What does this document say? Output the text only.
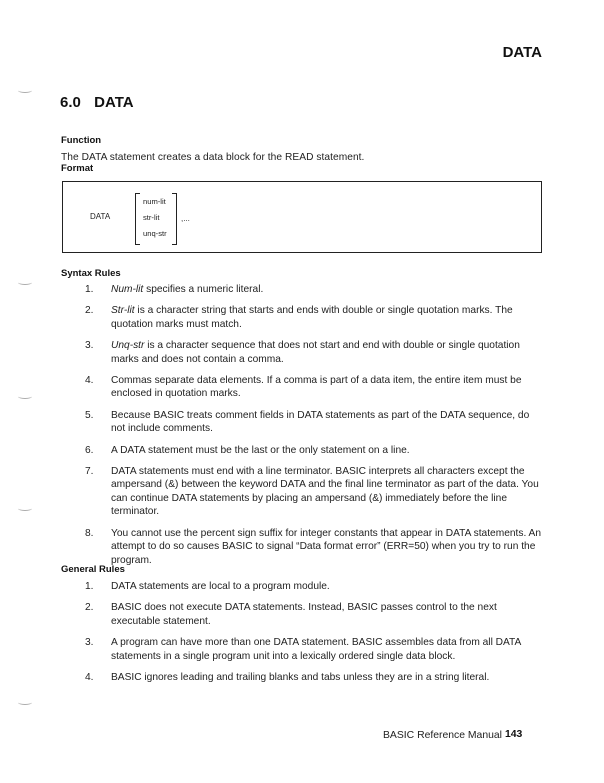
DATA
6.0 DATA
Function
The DATA statement creates a data block for the READ statement.
Format
DATA
num-lit
str-lit
unq-str
,...
Syntax Rules
1. Num-lit specifies a numeric literal.
2. Str-lit is a character string that starts and ends with double or single quotation marks. The quotation marks must match.
3. Unq-str is a character sequence that does not start and end with double or single quotation marks and does not contain a comma.
4. Commas separate data elements. If a comma is part of a data item, the entire item must be enclosed in quotation marks.
5. Because BASIC treats comment fields in DATA statements as part of the DATA sequence, do not include comments.
6. A DATA statement must be the last or the only statement on a line.
7. DATA statements must end with a line terminator. BASIC interprets all characters except the ampersand (&) between the keyword DATA and the final line terminator as part of the data. You can continue DATA statements by placing an ampersand (&) immediately before the line terminator.
8. You cannot use the percent sign suffix for integer constants that appear in DATA statements. An attempt to do so causes BASIC to signal “Data format error” (ERR=50) when you try to run the program.
General Rules
1. DATA statements are local to a program module.
2. BASIC does not execute DATA statements. Instead, BASIC passes control to the next executable statement.
3. A program can have more than one DATA statement. BASIC assembles data from all DATA statements in a single program unit into a lexically ordered single data block.
4. BASIC ignores leading and trailing blanks and tabs unless they are in a string literal.
BASIC Reference Manual 143
